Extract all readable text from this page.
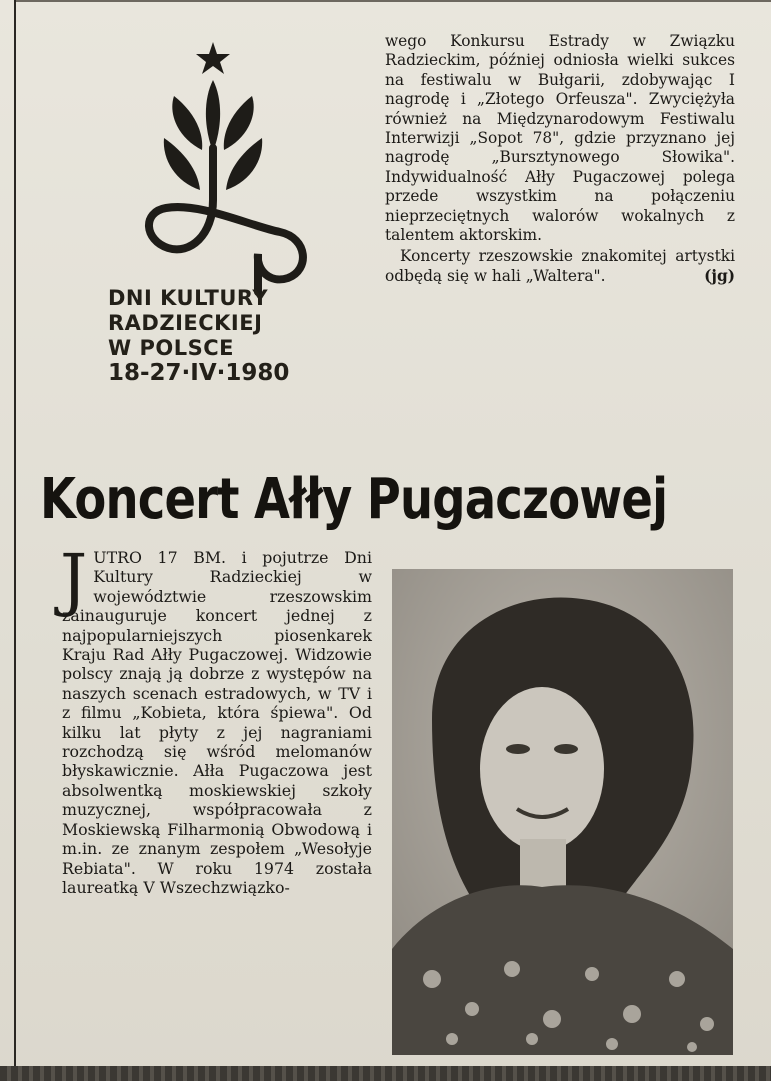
DNI KULTURY
RADZIECKIEJ
W POLSCE
18-27·IV·1980

wego Konkursu Estrady w Związku Radzieckim, później odniosła wielki sukces na festiwalu w Bułgarii, zdobywając I nagrodę i „Złotego Orfeusza". Zwyciężyła również na Międzynarodowym Festiwalu Interwizji „Sopot 78", gdzie przyznano jej nagrodę „Bursztynowego Słowika". Indywidualność Ałły Pugaczowej polega przede wszystkim na połączeniu nieprzeciętnych walorów wokalnych z talentem aktorskim.

Koncerty rzeszowskie znakomitej artystki odbędą się w hali „Waltera".	(jg)

Koncert Ałły Pugaczowej
J UTRO 17 BM. i pojutrze Dni Kultury Radzieckiej w województwie rzeszowskim zainauguruje koncert jednej z najpopularniejszych piosenkarek Kraju Rad Ałły Pugaczowej. Widzowie polscy znają ją dobrze z występów na naszych scenach estradowych, w TV i z filmu „Kobieta, która śpiewa". Od kilku lat płyty z jej nagraniami rozchodzą się wśród melomanów błyskawicznie. Ałła Pugaczowa jest absolwentką moskiewskiej szkoły muzycznej, współpracowała z Moskiewską Filharmonią Obwodową i m.in. ze znanym zespołem „Wesołyje Rebiata". W roku 1974 została laureatką V Wszechzwiązko-
